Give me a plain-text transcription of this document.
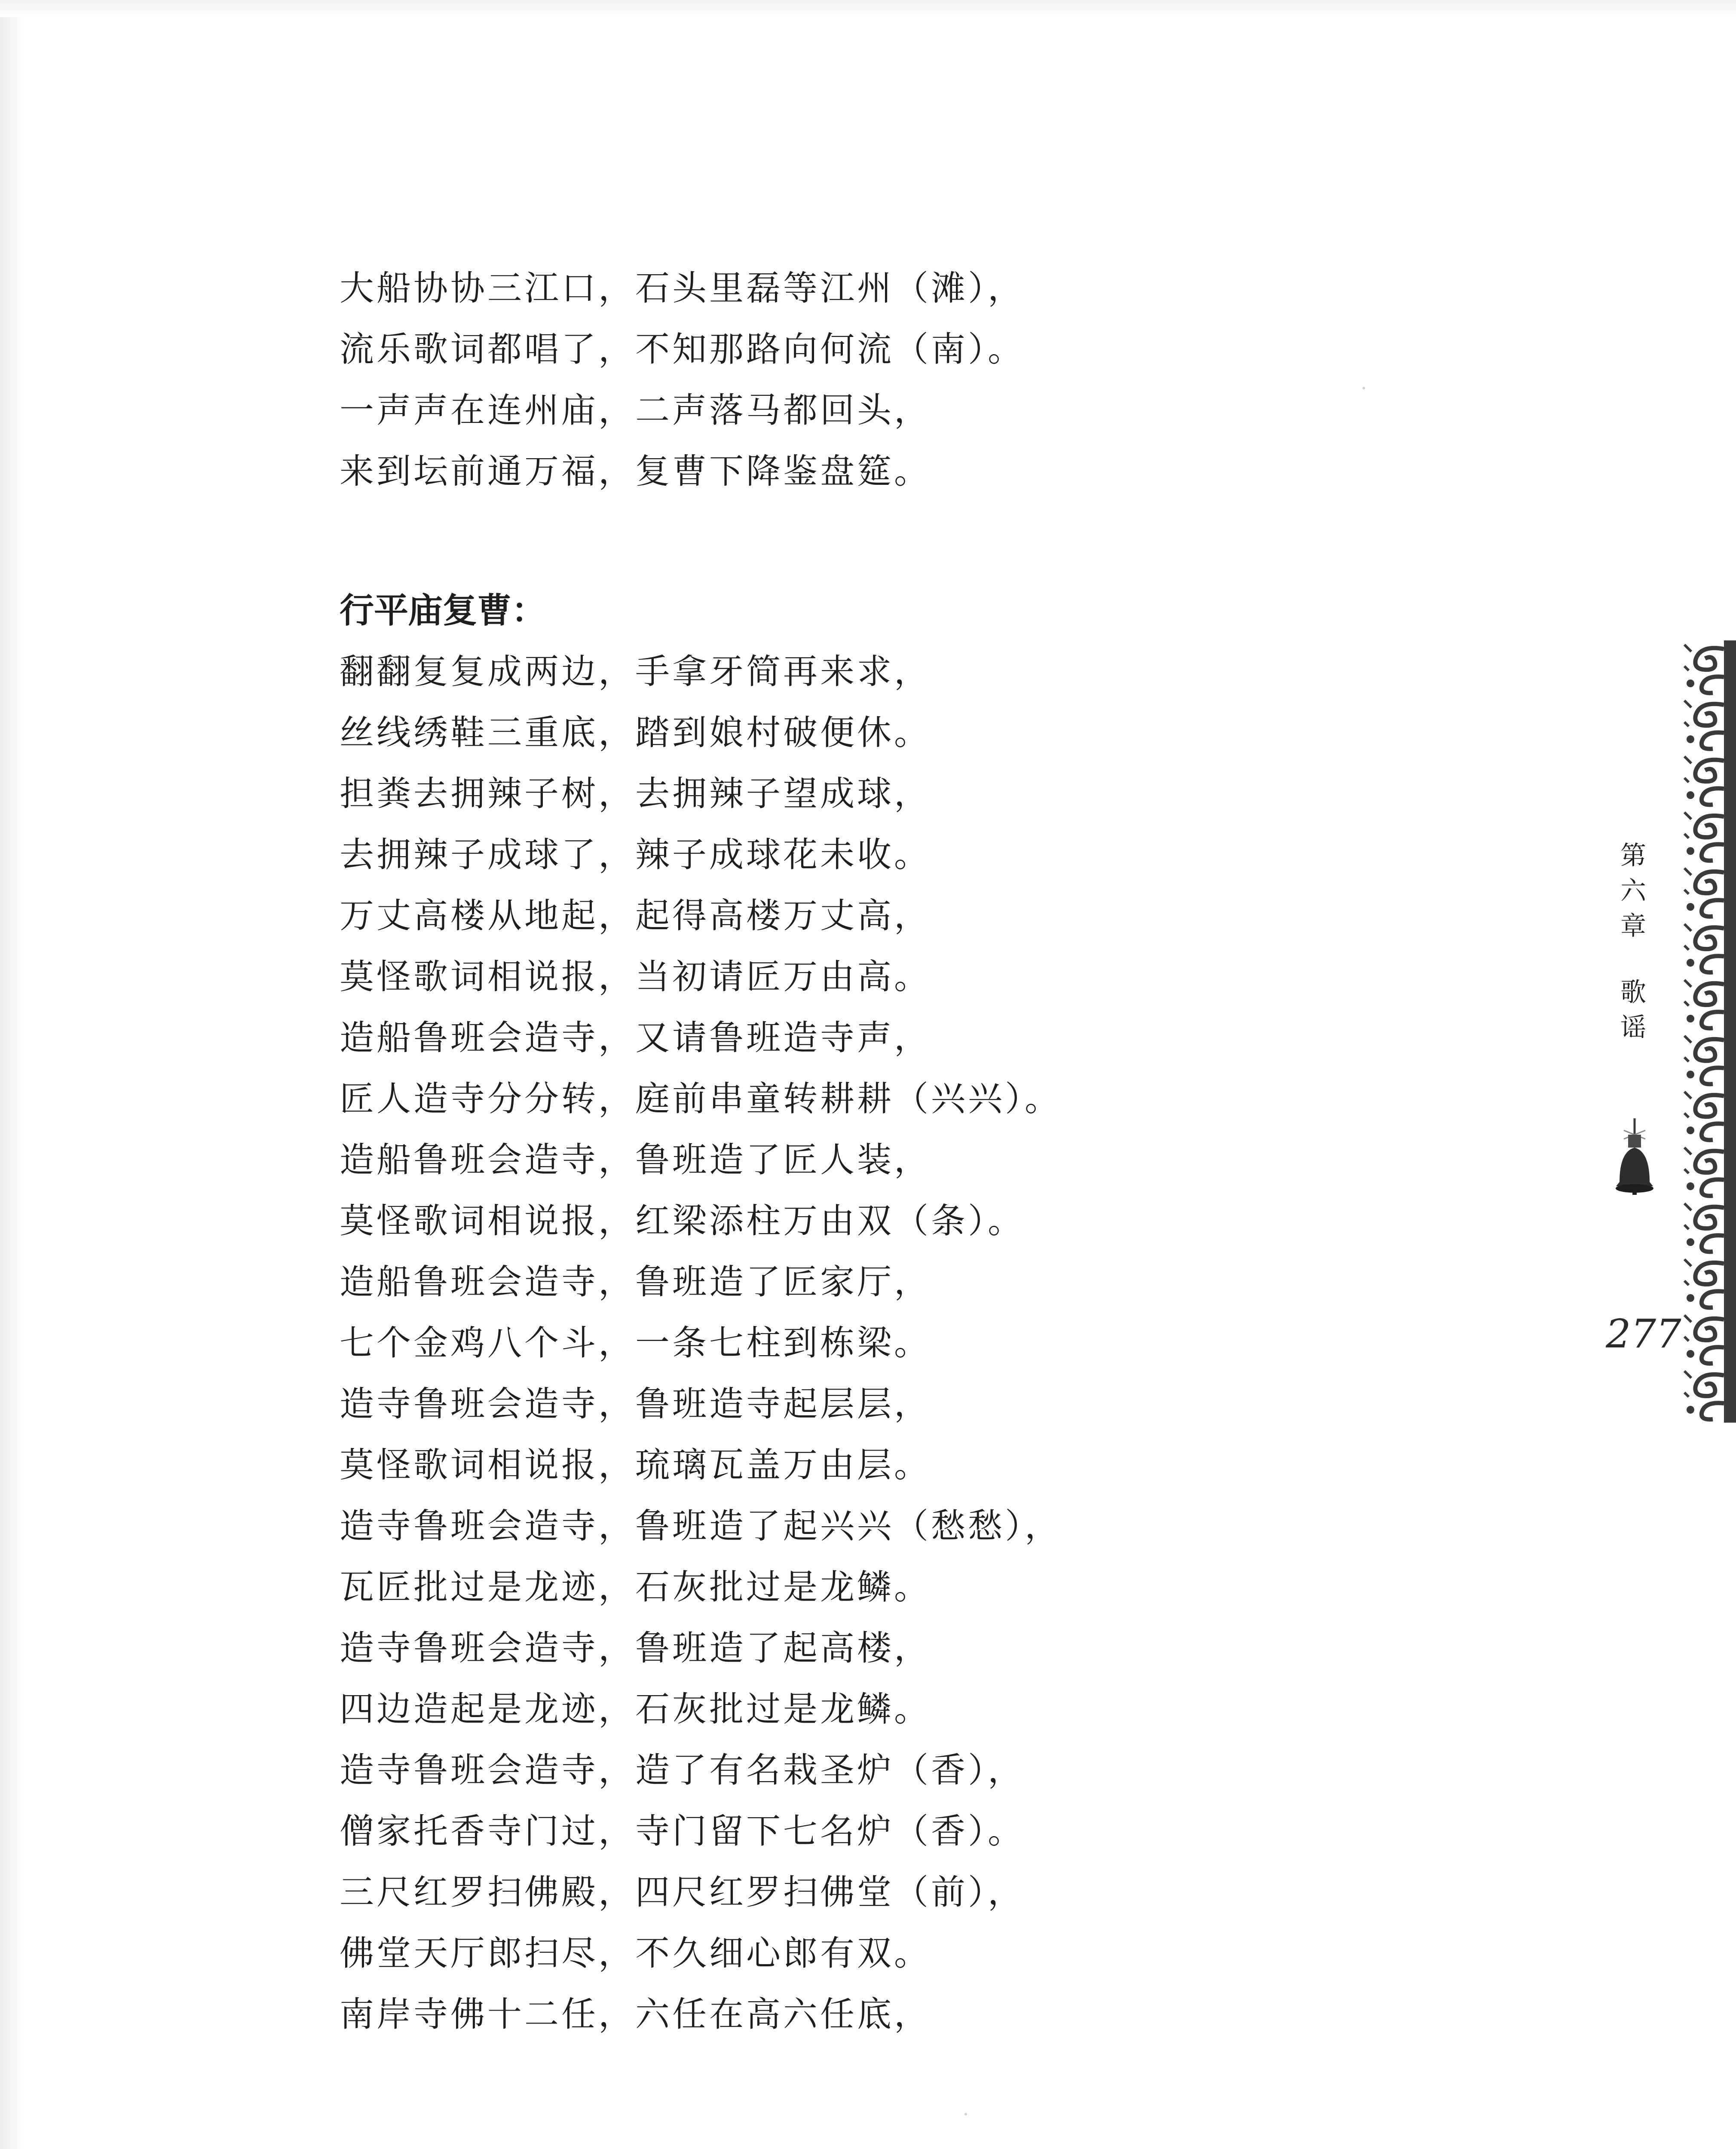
大船协协三江口，石头里磊等江州（滩），
流乐歌词都唱了，不知那路向何流（南）。
一声声在连州庙，二声落马都回头，
来到坛前通万福，复曹下降鉴盘筵。
行平庙复曹：
翻翻复复成两边，手拿牙简再来求，
丝线绣鞋三重底，踏到娘村破便休。
担粪去拥辣子树，去拥辣子望成球，
去拥辣子成球了，辣子成球花未收。
万丈高楼从地起，起得高楼万丈高，
莫怪歌词相说报，当初请匠万由高。
造船鲁班会造寺，又请鲁班造寺声，
匠人造寺分分转，庭前串童转耕耕（兴兴）。
造船鲁班会造寺，鲁班造了匠人装，
莫怪歌词相说报，红梁添柱万由双（条）。
造船鲁班会造寺，鲁班造了匠家厅，
七个金鸡八个斗，一条七柱到栋梁。
造寺鲁班会造寺，鲁班造寺起层层，
莫怪歌词相说报，琉璃瓦盖万由层。
造寺鲁班会造寺，鲁班造了起兴兴（愁愁），
瓦匠批过是龙迹，石灰批过是龙鳞。
造寺鲁班会造寺，鲁班造了起高楼，
四边造起是龙迹，石灰批过是龙鳞。
造寺鲁班会造寺，造了有名栽圣炉（香），
僧家托香寺门过，寺门留下七名炉（香）。
三尺红罗扫佛殿，四尺红罗扫佛堂（前），
佛堂天厅郎扫尽，不久细心郎有双。
南岸寺佛十二任，六任在高六任底，
第
六
章
歌
谣
277
